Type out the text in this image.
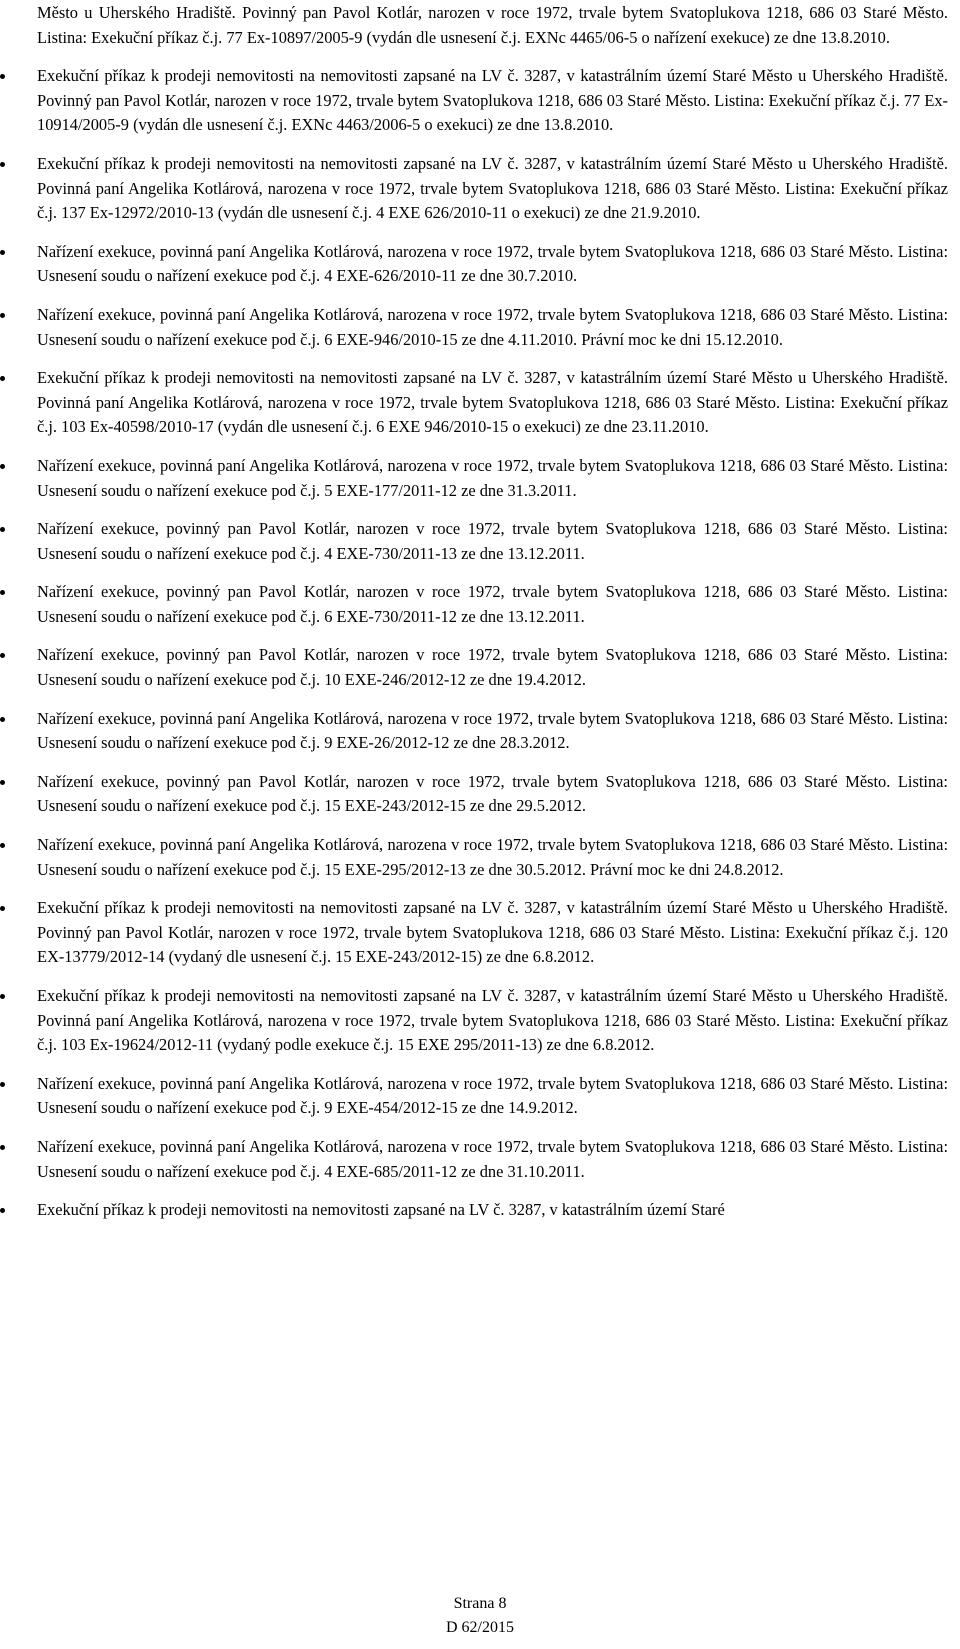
Město u Uherského Hradiště. Povinný pan Pavol Kotlár, narozen v roce 1972, trvale bytem Svatoplukova 1218, 686 03 Staré Město. Listina: Exekuční příkaz č.j. 77 Ex-10897/2005-9 (vydán dle usnesení č.j. EXNc 4465/06-5 o nařízení exekuce) ze dne 13.8.2010.
Exekuční příkaz k prodeji nemovitosti na nemovitosti zapsané na LV č. 3287, v katastrálním území Staré Město u Uherského Hradiště. Povinný pan Pavol Kotlár, narozen v roce 1972, trvale bytem Svatoplukova 1218, 686 03 Staré Město. Listina: Exekuční příkaz č.j. 77 Ex-10914/2005-9 (vydán dle usnesení č.j. EXNc 4463/2006-5 o exekuci) ze dne 13.8.2010.
Exekuční příkaz k prodeji nemovitosti na nemovitosti zapsané na LV č. 3287, v katastrálním území Staré Město u Uherského Hradiště. Povinná paní Angelika Kotlárová, narozena v roce 1972, trvale bytem Svatoplukova 1218, 686 03 Staré Město. Listina: Exekuční příkaz č.j. 137 Ex-12972/2010-13 (vydán dle usnesení č.j. 4 EXE 626/2010-11 o exekuci) ze dne 21.9.2010.
Nařízení exekuce, povinná paní Angelika Kotlárová, narozena v roce 1972, trvale bytem Svatoplukova 1218, 686 03 Staré Město. Listina: Usnesení soudu o nařízení exekuce pod č.j. 4 EXE-626/2010-11 ze dne 30.7.2010.
Nařízení exekuce, povinná paní Angelika Kotlárová, narozena v roce 1972, trvale bytem Svatoplukova 1218, 686 03 Staré Město. Listina: Usnesení soudu o nařízení exekuce pod č.j. 6 EXE-946/2010-15 ze dne 4.11.2010. Právní moc ke dni 15.12.2010.
Exekuční příkaz k prodeji nemovitosti na nemovitosti zapsané na LV č. 3287, v katastrálním území Staré Město u Uherského Hradiště. Povinná paní Angelika Kotlárová, narozena v roce 1972, trvale bytem Svatoplukova 1218, 686 03 Staré Město. Listina: Exekuční příkaz č.j. 103 Ex-40598/2010-17 (vydán dle usnesení č.j. 6 EXE 946/2010-15 o exekuci) ze dne 23.11.2010.
Nařízení exekuce, povinná paní Angelika Kotlárová, narozena v roce 1972, trvale bytem Svatoplukova 1218, 686 03 Staré Město. Listina: Usnesení soudu o nařízení exekuce pod č.j. 5 EXE-177/2011-12 ze dne 31.3.2011.
Nařízení exekuce, povinný pan Pavol Kotlár, narozen v roce 1972, trvale bytem Svatoplukova 1218, 686 03 Staré Město. Listina: Usnesení soudu o nařízení exekuce pod č.j. 4 EXE-730/2011-13 ze dne 13.12.2011.
Nařízení exekuce, povinný pan Pavol Kotlár, narozen v roce 1972, trvale bytem Svatoplukova 1218, 686 03 Staré Město. Listina: Usnesení soudu o nařízení exekuce pod č.j. 6 EXE-730/2011-12 ze dne 13.12.2011.
Nařízení exekuce, povinný pan Pavol Kotlár, narozen v roce 1972, trvale bytem Svatoplukova 1218, 686 03 Staré Město. Listina: Usnesení soudu o nařízení exekuce pod č.j. 10 EXE-246/2012-12 ze dne 19.4.2012.
Nařízení exekuce, povinná paní Angelika Kotlárová, narozena v roce 1972, trvale bytem Svatoplukova 1218, 686 03 Staré Město. Listina: Usnesení soudu o nařízení exekuce pod č.j. 9 EXE-26/2012-12 ze dne 28.3.2012.
Nařízení exekuce, povinný pan Pavol Kotlár, narozen v roce 1972, trvale bytem Svatoplukova 1218, 686 03 Staré Město. Listina: Usnesení soudu o nařízení exekuce pod č.j. 15 EXE-243/2012-15 ze dne 29.5.2012.
Nařízení exekuce, povinná paní Angelika Kotlárová, narozena v roce 1972, trvale bytem Svatoplukova 1218, 686 03 Staré Město. Listina: Usnesení soudu o nařízení exekuce pod č.j. 15 EXE-295/2012-13 ze dne 30.5.2012. Právní moc ke dni 24.8.2012.
Exekuční příkaz k prodeji nemovitosti na nemovitosti zapsané na LV č. 3287, v katastrálním území Staré Město u Uherského Hradiště. Povinný pan Pavol Kotlár, narozen v roce 1972, trvale bytem Svatoplukova 1218, 686 03 Staré Město. Listina: Exekuční příkaz č.j. 120 EX-13779/2012-14 (vydaný dle usnesení č.j. 15 EXE-243/2012-15) ze dne 6.8.2012.
Exekuční příkaz k prodeji nemovitosti na nemovitosti zapsané na LV č. 3287, v katastrálním území Staré Město u Uherského Hradiště. Povinná paní Angelika Kotlárová, narozena v roce 1972, trvale bytem Svatoplukova 1218, 686 03 Staré Město. Listina: Exekuční příkaz č.j. 103 Ex-19624/2012-11 (vydaný podle exekuce č.j. 15 EXE 295/2011-13) ze dne 6.8.2012.
Nařízení exekuce, povinná paní Angelika Kotlárová, narozena v roce 1972, trvale bytem Svatoplukova 1218, 686 03 Staré Město. Listina: Usnesení soudu o nařízení exekuce pod č.j. 9 EXE-454/2012-15 ze dne 14.9.2012.
Nařízení exekuce, povinná paní Angelika Kotlárová, narozena v roce 1972, trvale bytem Svatoplukova 1218, 686 03 Staré Město. Listina: Usnesení soudu o nařízení exekuce pod č.j. 4 EXE-685/2011-12 ze dne 31.10.2011.
Exekuční příkaz k prodeji nemovitosti na nemovitosti zapsané na LV č. 3287, v katastrálním území Staré
Strana 8
D 62/2015
